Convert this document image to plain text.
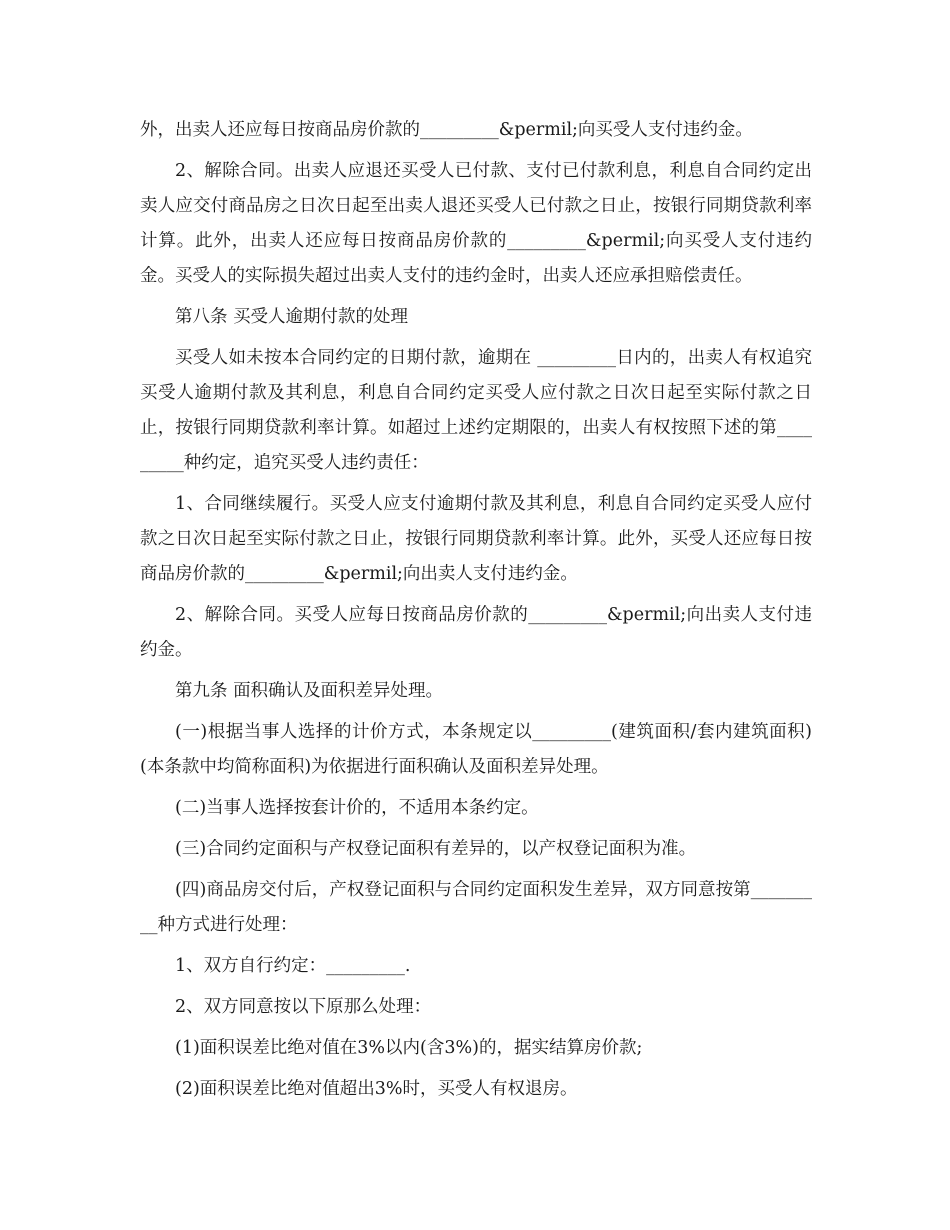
外，出卖人还应每日按商品房价款的_________&permil;向买受人支付违约金。

2、解除合同。出卖人应退还买受人已付款、支付已付款利息，利息自合同约定出卖人应交付商品房之日次日起至出卖人退还买受人已付款之日止，按银行同期贷款利率计算。此外，出卖人还应每日按商品房价款的_________&permil;向买受人支付违约金。买受人的实际损失超过出卖人支付的违约金时，出卖人还应承担赔偿责任。

第八条 买受人逾期付款的处理

买受人如未按本合同约定的日期付款，逾期在 _________日内的，出卖人有权追究买受人逾期付款及其利息，利息自合同约定买受人应付款之日次日起至实际付款之日止，按银行同期贷款利率计算。如超过上述约定期限的，出卖人有权按照下述的第_________种约定，追究买受人违约责任：

1、合同继续履行。买受人应支付逾期付款及其利息，利息自合同约定买受人应付款之日次日起至实际付款之日止，按银行同期贷款利率计算。此外，买受人还应每日按商品房价款的_________&permil;向出卖人支付违约金。

2、解除合同。买受人应每日按商品房价款的_________&permil;向出卖人支付违约金。

第九条 面积确认及面积差异处理。

(一)根据当事人选择的计价方式，本条规定以_________(建筑面积/套内建筑面积)(本条款中均简称面积)为依据进行面积确认及面积差异处理。

(二)当事人选择按套计价的，不适用本条约定。

(三)合同约定面积与产权登记面积有差异的，以产权登记面积为准。

(四)商品房交付后，产权登记面积与合同约定面积发生差异，双方同意按第_________种方式进行处理：

1、双方自行约定：_________.

2、双方同意按以下原那么处理：

(1)面积误差比绝对值在3%以内(含3%)的，据实结算房价款;

(2)面积误差比绝对值超出3%时，买受人有权退房。
